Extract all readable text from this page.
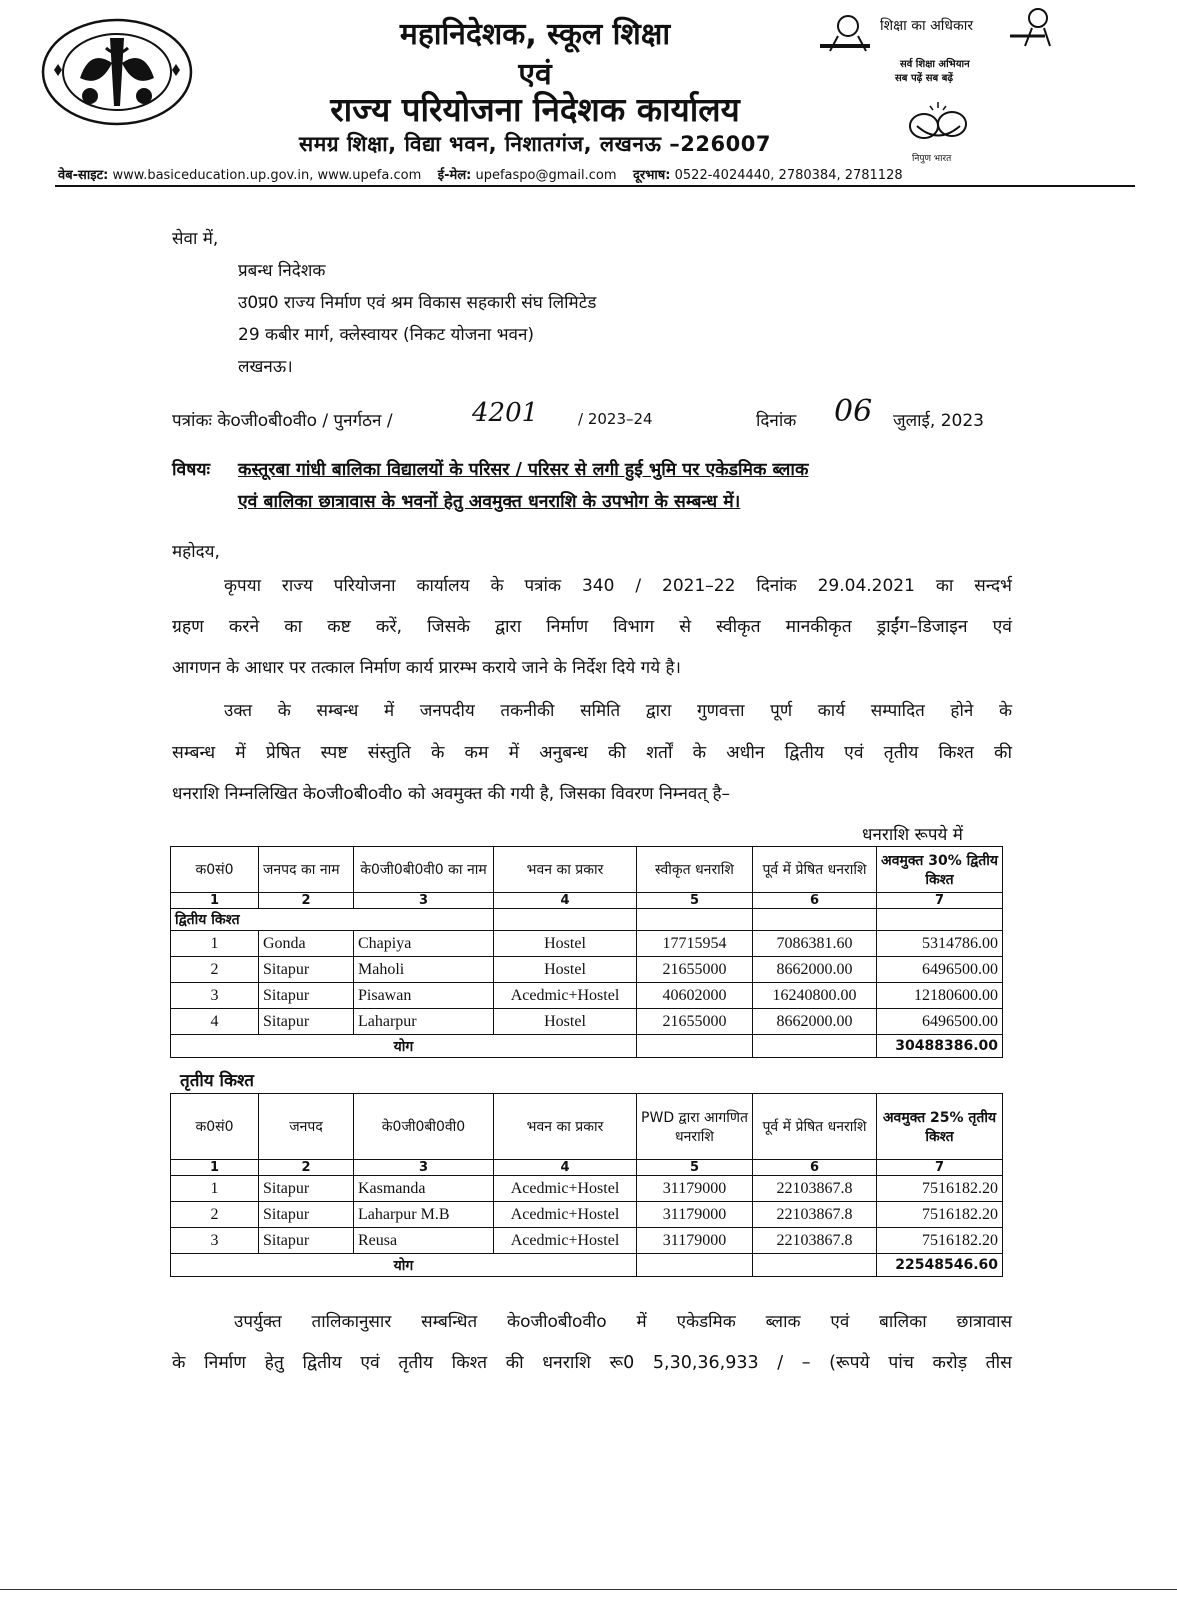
महानिदेशक, स्कूल शिक्षा
एवं
राज्य परियोजना निदेशक कार्यालय
समग्र शिक्षा, विद्या भवन, निशातगंज, लखनऊ –226007
शिक्षा का अधिकार
सर्व शिक्षा अभियान
सब पढ़ें सब बढ़ें
निपुण भारत
वेब-साइट: www.basiceducation.up.gov.in, www.upefa.com ई-मेल: upefaspo@gmail.com दूरभाष: 0522-4024440, 2780384, 2781128
सेवा में,
प्रबन्ध निदेशक
उ0प्र0 राज्य निर्माण एवं श्रम विकास सहकारी संघ लिमिटेड
29 कबीर मार्ग, क्लेस्वायर (निकट योजना भवन)
लखनऊ।
पत्रांकः केoजीoबीoवीo / पुनर्गठन /	4201	/ 2023–24	दिनांक 06 जुलाई, 2023
विषयः कस्तूरबा गांधी बालिका विद्यालयों के परिसर / परिसर से लगी हुई भुमि पर एकेडमिक ब्लाक
एवं बालिका छात्रावास के भवनों हेतु अवमुक्त धनराशि के उपभोग के सम्बन्ध में।
महोदय,
कृपया राज्य परियोजना कार्यालय के पत्रांक 340 / 2021–22 दिनांक 29.04.2021 का सन्दर्भ
ग्रहण करने का कष्ट करें, जिसके द्वारा निर्माण विभाग से स्वीकृत मानकीकृत ड्राईंग–डिजाइन एवं
आगणन के आधार पर तत्काल निर्माण कार्य प्रारम्भ कराये जाने के निर्देश दिये गये है।
उक्त के सम्बन्ध में जनपदीय तकनीकी समिति द्वारा गुणवत्ता पूर्ण कार्य सम्पादित होने के
सम्बन्ध में प्रेषित स्पष्ट संस्तुति के कम में अनुबन्ध की शर्तों के अधीन द्वितीय एवं तृतीय किश्त की
धनराशि निम्नलिखित केoजीoबीoवीo को अवमुक्त की गयी है, जिसका विवरण निम्नवत् है–
धनराशि रूपये में
क0सं0	जनपद का नाम	के0जी0बी0वी0 का नाम	भवन का प्रकार	स्वीकृत धनराशि	पूर्व में प्रेषित धनराशि	अवमुक्त 30% द्वितीय किश्त
1	2	3	4	5	6	7
द्वितीय किश्त						
1	Gonda	Chapiya	Hostel	17715954	7086381.60	5314786.00
2	Sitapur	Maholi	Hostel	21655000	8662000.00	6496500.00
3	Sitapur	Pisawan	Acedmic+Hostel	40602000	16240800.00	12180600.00
4	Sitapur	Laharpur	Hostel	21655000	8662000.00	6496500.00
योग						30488386.00
तृतीय किश्त
क0सं0	जनपद	के0जी0बी0वी0	भवन का प्रकार	PWD द्वारा आगणित धनराशि	पूर्व में प्रेषित धनराशि	अवमुक्त 25% तृतीय किश्त
1	2	3	4	5	6	7
1	Sitapur	Kasmanda	Acedmic+Hostel	31179000	22103867.8	7516182.20
2	Sitapur	Laharpur M.B	Acedmic+Hostel	31179000	22103867.8	7516182.20
3	Sitapur	Reusa	Acedmic+Hostel	31179000	22103867.8	7516182.20
योग						22548546.60
उपर्युक्त तालिकानुसार सम्बन्धित केoजीoबीoवीo में एकेडमिक ब्लाक एवं बालिका छात्रावास
के निर्माण हेतु द्वितीय एवं तृतीय किश्त की धनराशि रू0 5,30,36,933 / – (रूपये पांच करोड़ तीस
